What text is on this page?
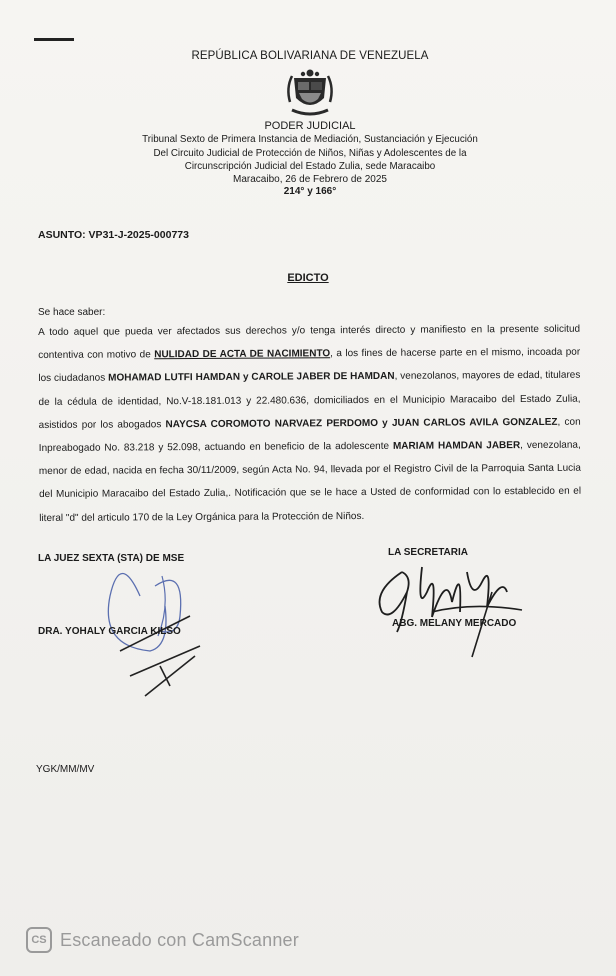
REPÚBLICA BOLIVARIANA DE VENEZUELA
PODER JUDICIAL
Tribunal Sexto de Primera Instancia de Mediación, Sustanciación y Ejecución
Del Circuito Judicial de Protección de Niños, Niñas y Adolescentes de la
Circunscripción Judicial del Estado Zulia, sede Maracaibo
Maracaibo, 26 de Febrero de 2025
214° y 166°
ASUNTO: VP31-J-2025-000773
EDICTO
Se hace saber:
A todo aquel que pueda ver afectados sus derechos y/o tenga interés directo y manifiesto en la presente solicitud contentiva con motivo de NULIDAD DE ACTA DE NACIMIENTO, a los fines de hacerse parte en el mismo, incoada por los ciudadanos MOHAMAD LUTFI HAMDAN y CAROLE JABER DE HAMDAN, venezolanos, mayores de edad, titulares de la cédula de identidad, No.V-18.181.013 y 22.480.636, domiciliados en el Municipio Maracaibo del Estado Zulia, asistidos por los abogados NAYCSA COROMOTO NARVAEZ PERDOMO y JUAN CARLOS AVILA GONZALEZ, con Inpreabogado No. 83.218 y 52.098, actuando en beneficio de la adolescente MARIAM HAMDAN JABER, venezolana, menor de edad, nacida en fecha 30/11/2009, según Acta No. 94, llevada por el Registro Civil de la Parroquia Santa Lucia del Municipio Maracaibo del Estado Zulia,. Notificación que se le hace a Usted de conformidad con lo establecido en el literal "d" del articulo 170 de la Ley Orgánica para la Protección de Niños.
LA JUEZ SEXTA (STA) DE MSE
DRA. YOHALY GARCIA KILSO
LA SECRETARIA
ABG. MELANY MERCADO
YGK/MM/MV
CS Escaneado con CamScanner
